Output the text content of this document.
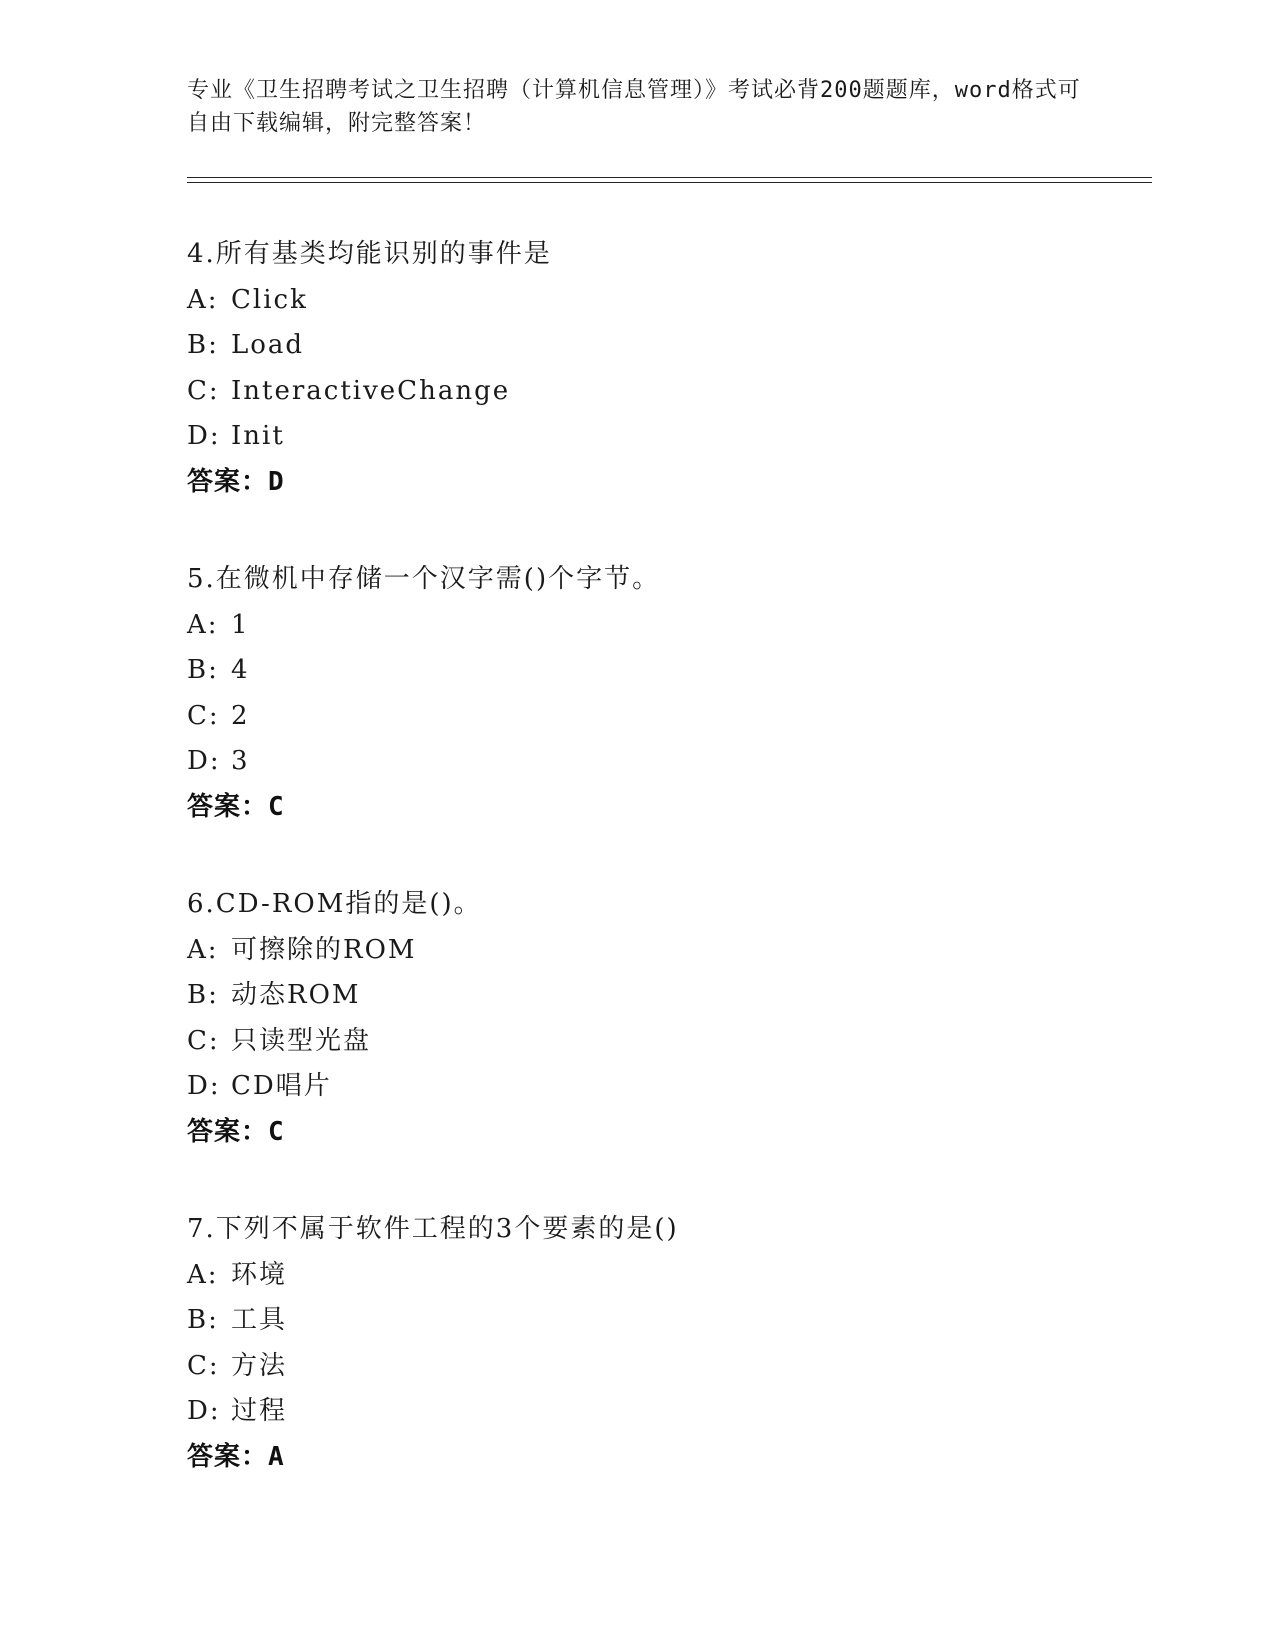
专业《卫生招聘考试之卫生招聘（计算机信息管理）》考试必背200题题库，word格式可自由下载编辑，附完整答案！
4.所有基类均能识别的事件是
A: Click
B: Load
C: InteractiveChange
D: Init
答案：D
5.在微机中存储一个汉字需()个字节。
A: 1
B: 4
C: 2
D: 3
答案：C
6.CD-ROM指的是()。
A: 可擦除的ROM
B: 动态ROM
C: 只读型光盘
D: CD唱片
答案：C
7.下列不属于软件工程的3个要素的是()
A: 环境
B: 工具
C: 方法
D: 过程
答案：A
